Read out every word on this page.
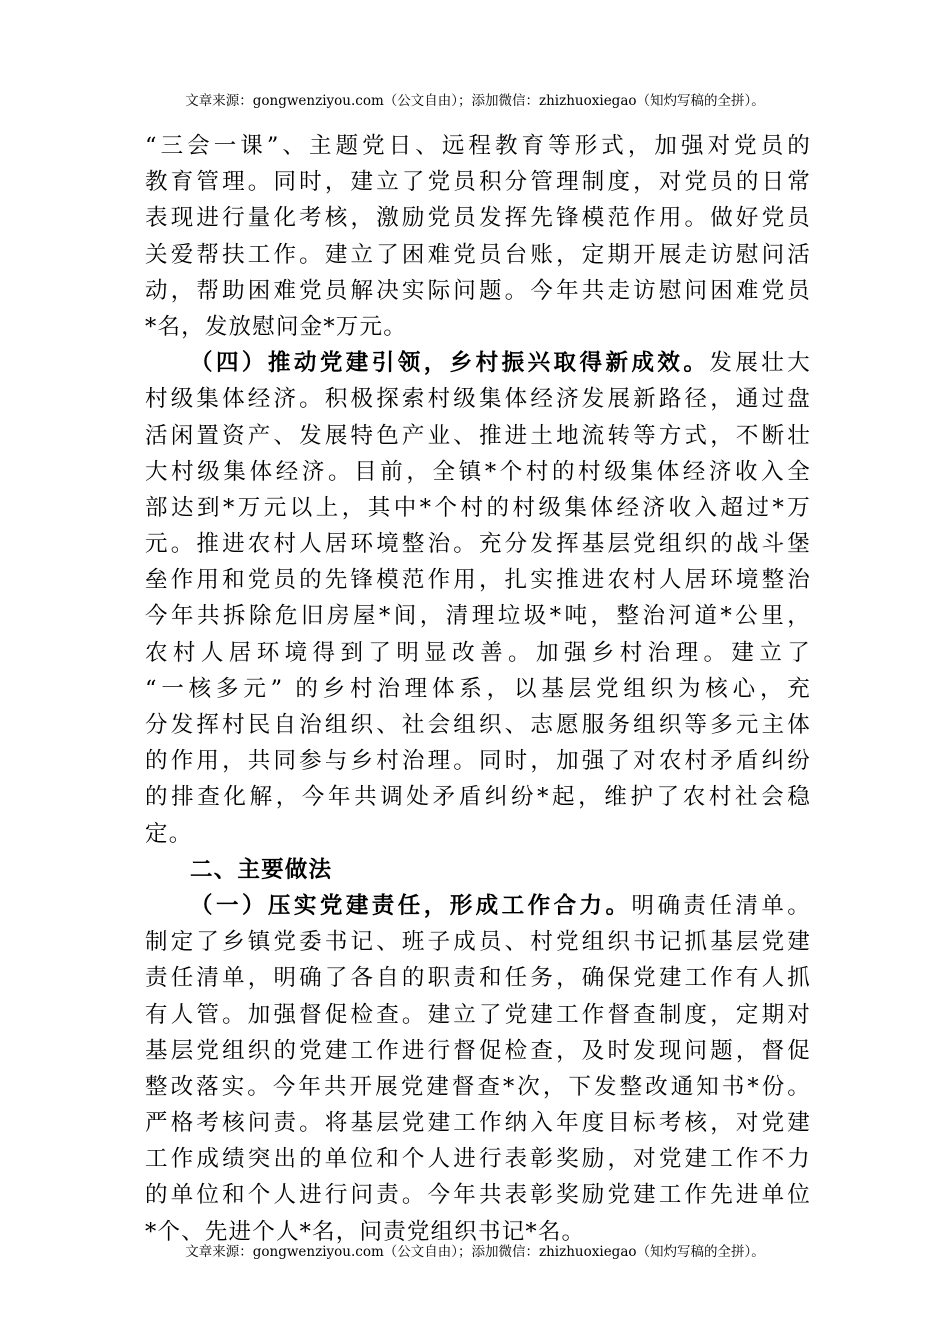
文章来源：gongwenziyou.com（公文自由）；添加微信：zhizhuoxiegao（知灼写稿的全拼）。
“三会一课”、主题党日、远程教育等形式，加强对党员的
教育管理。同时，建立了党员积分管理制度，对党员的日常
表现进行量化考核，激励党员发挥先锋模范作用。做好党员
关爱帮扶工作。建立了困难党员台账，定期开展走访慰问活
动，帮助困难党员解决实际问题。今年共走访慰问困难党员
*名，发放慰问金*万元。
（四）推动党建引领，乡村振兴取得新成效。发展壮大
村级集体经济。积极探索村级集体经济发展新路径，通过盘
活闲置资产、发展特色产业、推进土地流转等方式，不断壮
大村级集体经济。目前，全镇*个村的村级集体经济收入全
部达到*万元以上，其中*个村的村级集体经济收入超过*万
元。推进农村人居环境整治。充分发挥基层党组织的战斗堡
垒作用和党员的先锋模范作用，扎实推进农村人居环境整治
今年共拆除危旧房屋*间，清理垃圾*吨，整治河道*公里，
农村人居环境得到了明显改善。加强乡村治理。建立了
“一核多元” 的乡村治理体系，以基层党组织为核心，充
分发挥村民自治组织、社会组织、志愿服务组织等多元主体
的作用，共同参与乡村治理。同时，加强了对农村矛盾纠纷
的排查化解，今年共调处矛盾纠纷*起，维护了农村社会稳
定。
二、主要做法
（一）压实党建责任，形成工作合力。明确责任清单。
制定了乡镇党委书记、班子成员、村党组织书记抓基层党建
责任清单，明确了各自的职责和任务，确保党建工作有人抓
有人管。加强督促检查。建立了党建工作督查制度，定期对
基层党组织的党建工作进行督促检查，及时发现问题，督促
整改落实。今年共开展党建督查*次，下发整改通知书*份。
严格考核问责。将基层党建工作纳入年度目标考核，对党建
工作成绩突出的单位和个人进行表彰奖励，对党建工作不力
的单位和个人进行问责。今年共表彰奖励党建工作先进单位
*个、先进个人*名，问责党组织书记*名。
文章来源：gongwenziyou.com（公文自由）；添加微信：zhizhuoxiegao（知灼写稿的全拼）。
